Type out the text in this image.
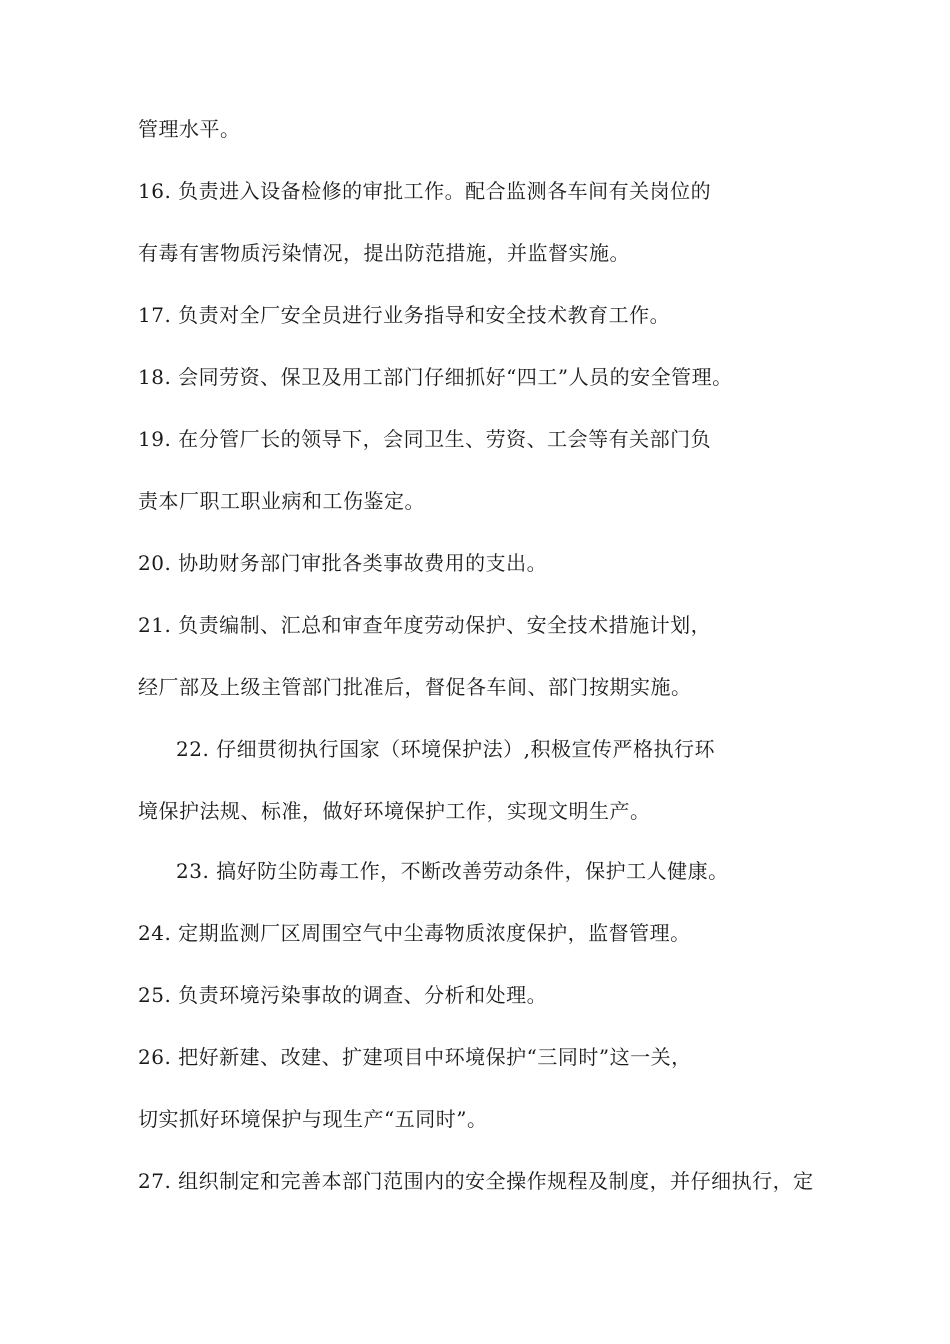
管理水平。
16. 负责进入设备检修的审批工作。配合监测各车间有关岗位的
有毒有害物质污染情况，提出防范措施，并监督实施。
17. 负责对全厂安全员进行业务指导和安全技术教育工作。
18. 会同劳资、保卫及用工部门仔细抓好“四工”人员的安全管理。
19. 在分管厂长的领导下，会同卫生、劳资、工会等有关部门负
责本厂职工职业病和工伤鉴定。
20. 协助财务部门审批各类事故费用的支出。
21. 负责编制、汇总和审查年度劳动保护、安全技术措施计划，
经厂部及上级主管部门批准后，督促各车间、部门按期实施。
22. 仔细贯彻执行国家（环境保护法）,积极宣传严格执行环
境保护法规、标准，做好环境保护工作，实现文明生产。
23. 搞好防尘防毒工作，不断改善劳动条件，保护工人健康。
24. 定期监测厂区周围空气中尘毒物质浓度保护，监督管理。
25. 负责环境污染事故的调查、分析和处理。
26. 把好新建、改建、扩建项目中环境保护“三同时”这一关，
切实抓好环境保护与现生产“五同时”。
27. 组织制定和完善本部门范围内的安全操作规程及制度，并仔细执行，定
